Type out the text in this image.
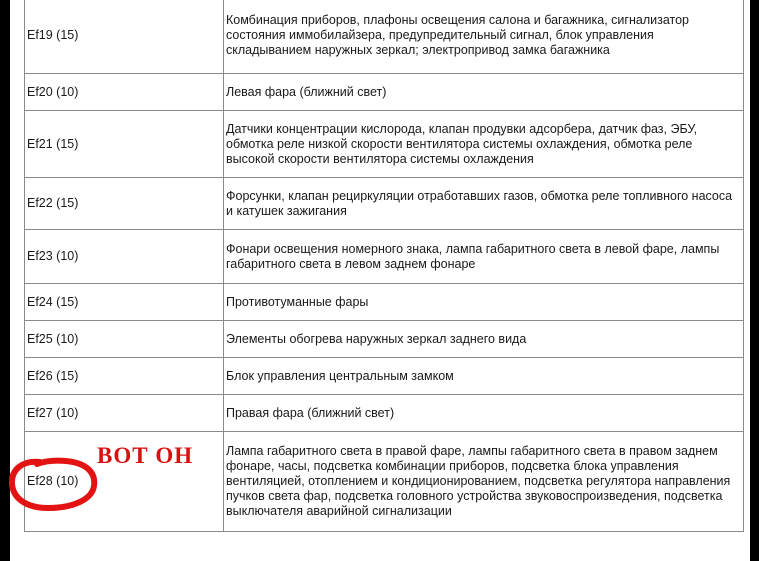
Ef19 (15)	Комбинация приборов, плафоны освещения салона и багажника, сигнализатор состояния иммобилайзера, предупредительный сигнал, блок управления складыванием наружных зеркал; электропривод замка багажника
Ef20 (10)	Левая фара (ближний свет)
Ef21 (15)	Датчики концентрации кислорода, клапан продувки адсорбера, датчик фаз, ЭБУ, обмотка реле низкой скорости вентилятора системы охлаждения, обмотка реле высокой скорости вентилятора системы охлаждения
Ef22 (15)	Форсунки, клапан рециркуляции отработавших газов, обмотка реле топливного насоса и катушек зажигания
Ef23 (10)	Фонари освещения номерного знака, лампа габаритного света в левой фаре, лампы габаритного света в левом заднем фонаре
Ef24 (15)	Противотуманные фары
Ef25 (10)	Элементы обогрева наружных зеркал заднего вида
Ef26 (15)	Блок управления центральным замком
Ef27 (10)	Правая фара (ближний свет)
Ef28 (10)	Лампа габаритного света в правой фаре, лампы габаритного света в правом заднем фонаре, часы, подсветка комбинации приборов, подсветка блока управления вентиляцией, отоплением и кондиционированием, подсветка регулятора направления пучков света фар, подсветка головного устройства звуковоспроизведения, подсветка выключателя аварийной сигнализации
ВОТ ОН
